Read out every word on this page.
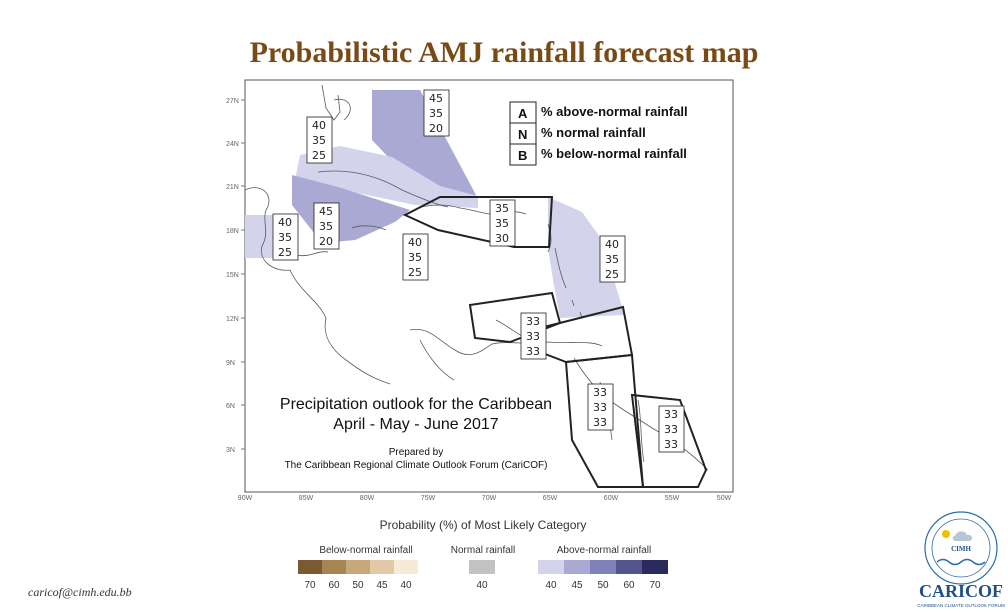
Probabilistic AMJ rainfall forecast map
27N
24N
21N
18N
15N
12N
9N
6N
3N
90W	85W	80W	75W	70W	65W	60W	55W	50W
45
35
20
40
35
25
45
35
20
40
35
25
40
35
25
35
35
30	40
35
25
33
33
33
33
33
33
33
33
33
A
N
B
% above-normal rainfall
% normal rainfall
% below-normal rainfall
Precipitation outlook for the Caribbean
April - May - June 2017
Prepared by
The Caribbean Regional Climate Outlook Forum (CariCOF)
Probability (%) of Most Likely Category
Below-normal rainfall	Normal rainfall	Above-normal rainfall
70 60 50 45 40	40	40 45 50 60 70
CIMH
CARICOF
CARIBBEAN CLIMATE OUTLOOK FORUM
caricof@cimh.edu.bb
